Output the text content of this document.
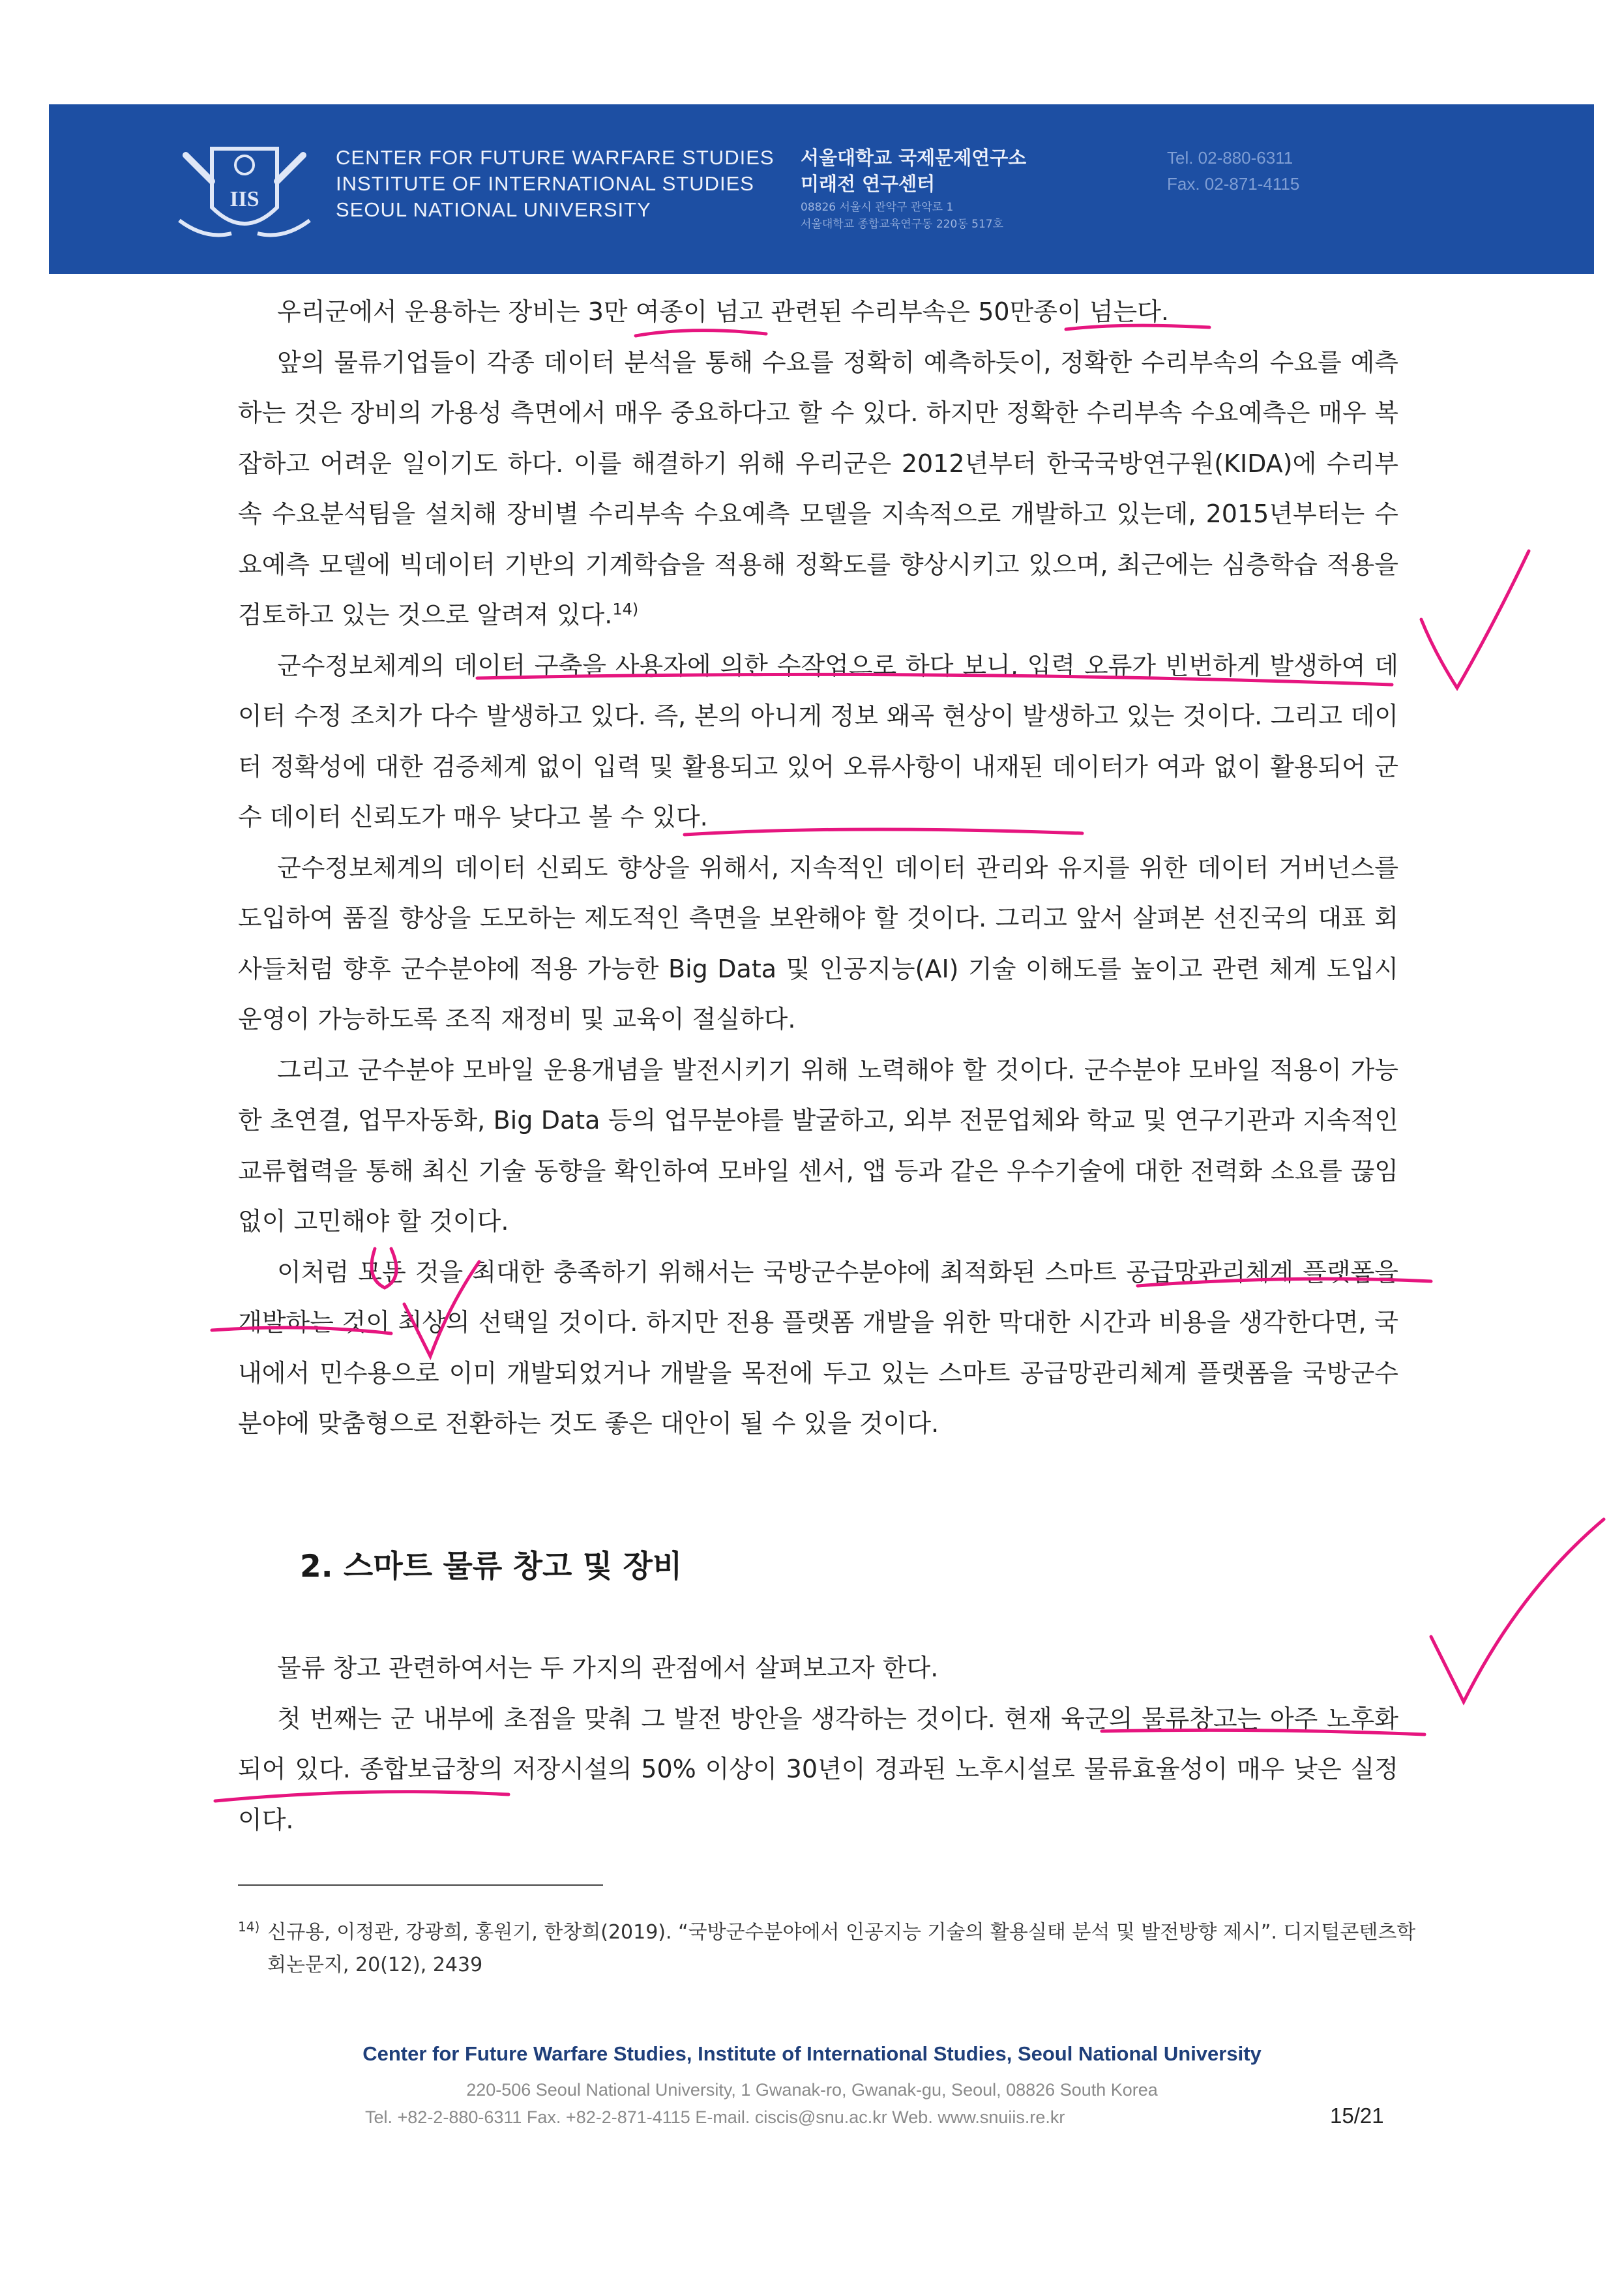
IIS
CENTER FOR FUTURE WARFARE STUDIES
INSTITUTE OF INTERNATIONAL STUDIES
SEOUL NATIONAL UNIVERSITY
서울대학교 국제문제연구소
미래전 연구센터
08826 서울시 관악구 관악로 1
서울대학교 종합교육연구동 220동 517호
Tel. 02-880-6311
Fax. 02-871-4115

우리군에서 운용하는 장비는 3만 여종이 넘고 관련된 수리부속은 50만종이 넘는다.

앞의 물류기업들이 각종 데이터 분석을 통해 수요를 정확히 예측하듯이, 정확한 수리부속의 수요를 예측하는 것은 장비의 가용성 측면에서 매우 중요하다고 할 수 있다. 하지만 정확한 수리부속 수요예측은 매우 복잡하고 어려운 일이기도 하다. 이를 해결하기 위해 우리군은 2012년부터 한국국방연구원(KIDA)에 수리부속 수요분석팀을 설치해 장비별 수리부속 수요예측 모델을 지속적으로 개발하고 있는데, 2015년부터는 수요예측 모델에 빅데이터 기반의 기계학습을 적용해 정확도를 향상시키고 있으며, 최근에는 심층학습 적용을 검토하고 있는 것으로 알려져 있다.$^{14)}$

군수정보체계의 데이터 구축을 사용자에 의한 수작업으로 하다 보니, 입력 오류가 빈번하게 발생하여 데이터 수정 조치가 다수 발생하고 있다. 즉, 본의 아니게 정보 왜곡 현상이 발생하고 있는 것이다. 그리고 데이터 정확성에 대한 검증체계 없이 입력 및 활용되고 있어 오류사항이 내재된 데이터가 여과 없이 활용되어 군수 데이터 신뢰도가 매우 낮다고 볼 수 있다.

군수정보체계의 데이터 신뢰도 향상을 위해서, 지속적인 데이터 관리와 유지를 위한 데이터 거버넌스를 도입하여 품질 향상을 도모하는 제도적인 측면을 보완해야 할 것이다. 그리고 앞서 살펴본 선진국의 대표 회사들처럼 향후 군수분야에 적용 가능한 Big Data 및 인공지능(AI) 기술 이해도를 높이고 관련 체계 도입시 운영이 가능하도록 조직 재정비 및 교육이 절실하다.

그리고 군수분야 모바일 운용개념을 발전시키기 위해 노력해야 할 것이다. 군수분야 모바일 적용이 가능한 초연결, 업무자동화, Big Data 등의 업무분야를 발굴하고, 외부 전문업체와 학교 및 연구기관과 지속적인 교류협력을 통해 최신 기술 동향을 확인하여 모바일 센서, 앱 등과 같은 우수기술에 대한 전력화 소요를 끊임없이 고민해야 할 것이다.

이처럼 모든 것을 최대한 충족하기 위해서는 국방군수분야에 최적화된 스마트 공급망관리체계 플랫폼을 개발하는 것이 최상의 선택일 것이다. 하지만 전용 플랫폼 개발을 위한 막대한 시간과 비용을 생각한다면, 국내에서 민수용으로 이미 개발되었거나 개발을 목전에 두고 있는 스마트 공급망관리체계 플랫폼을 국방군수분야에 맞춤형으로 전환하는 것도 좋은 대안이 될 수 있을 것이다.

2. 스마트 물류 창고 및 장비

물류 창고 관련하여서는 두 가지의 관점에서 살펴보고자 한다.

첫 번째는 군 내부에 초점을 맞춰 그 발전 방안을 생각하는 것이다. 현재 육군의 물류창고는 아주 노후화 되어 있다. 종합보급창의 저장시설의 50% 이상이 30년이 경과된 노후시설로 물류효율성이 매우 낮은 실정이다.

$^{14)}$ 신규용, 이정관, 강광희, 홍원기, 한창희(2019). “국방군수분야에서 인공지능 기술의 활용실태 분석 및 발전방향 제시”. 디지털콘텐츠학회논문지, 20(12), 2439
Center for Future Warfare Studies, Institute of International Studies, Seoul National University
220-506 Seoul National University, 1 Gwanak-ro, Gwanak-gu, Seoul, 08826 South Korea
Tel. +82-2-880-6311 Fax. +82-2-871-4115 E-mail. ciscis@snu.ac.kr Web. www.snuiis.re.kr	15/21
